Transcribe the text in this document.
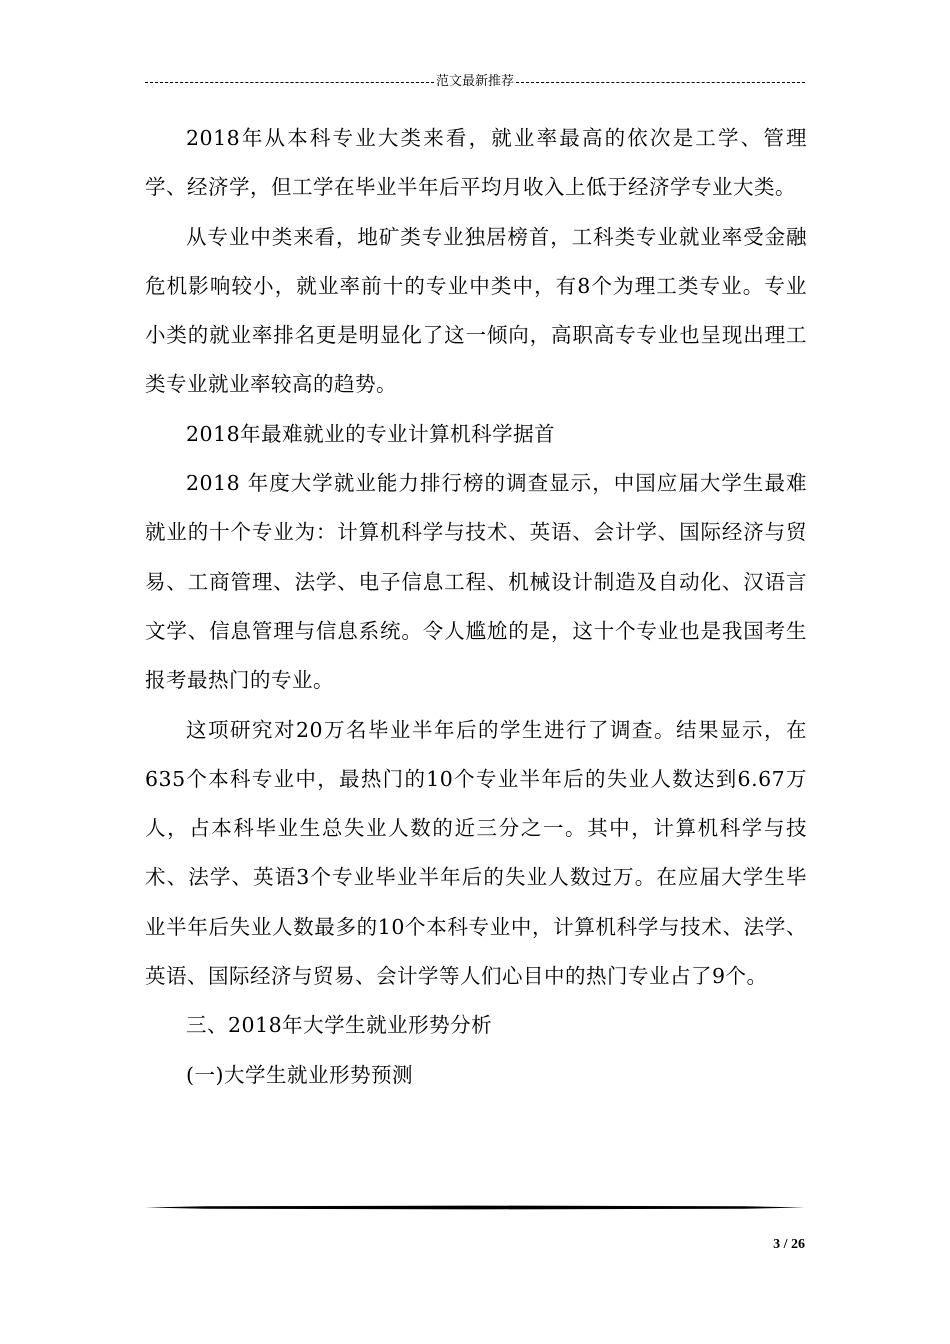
范文最新推荐

2018年从本科专业大类来看，就业率最高的依次是工学、管理学、经济学，但工学在毕业半年后平均月收入上低于经济学专业大类。

从专业中类来看，地矿类专业独居榜首，工科类专业就业率受金融危机影响较小，就业率前十的专业中类中，有8个为理工类专业。专业小类的就业率排名更是明显化了这一倾向，高职高专专业也呈现出理工类专业就业率较高的趋势。

2018年最难就业的专业计算机科学据首

2018 年度大学就业能力排行榜的调查显示，中国应届大学生最难就业的十个专业为：计算机科学与技术、英语、会计学、国际经济与贸易、工商管理、法学、电子信息工程、机械设计制造及自动化、汉语言文学、信息管理与信息系统。令人尴尬的是，这十个专业也是我国考生报考最热门的专业。

这项研究对20万名毕业半年后的学生进行了调查。结果显示，在635个本科专业中，最热门的10个专业半年后的失业人数达到6.67万人，占本科毕业生总失业人数的近三分之一。其中，计算机科学与技术、法学、英语3个专业毕业半年后的失业人数过万。在应届大学生毕业半年后失业人数最多的10个本科专业中，计算机科学与技术、法学、英语、国际经济与贸易、会计学等人们心目中的热门专业占了9个。

三、2018年大学生就业形势分析

(一)大学生就业形势预测

3 / 26
